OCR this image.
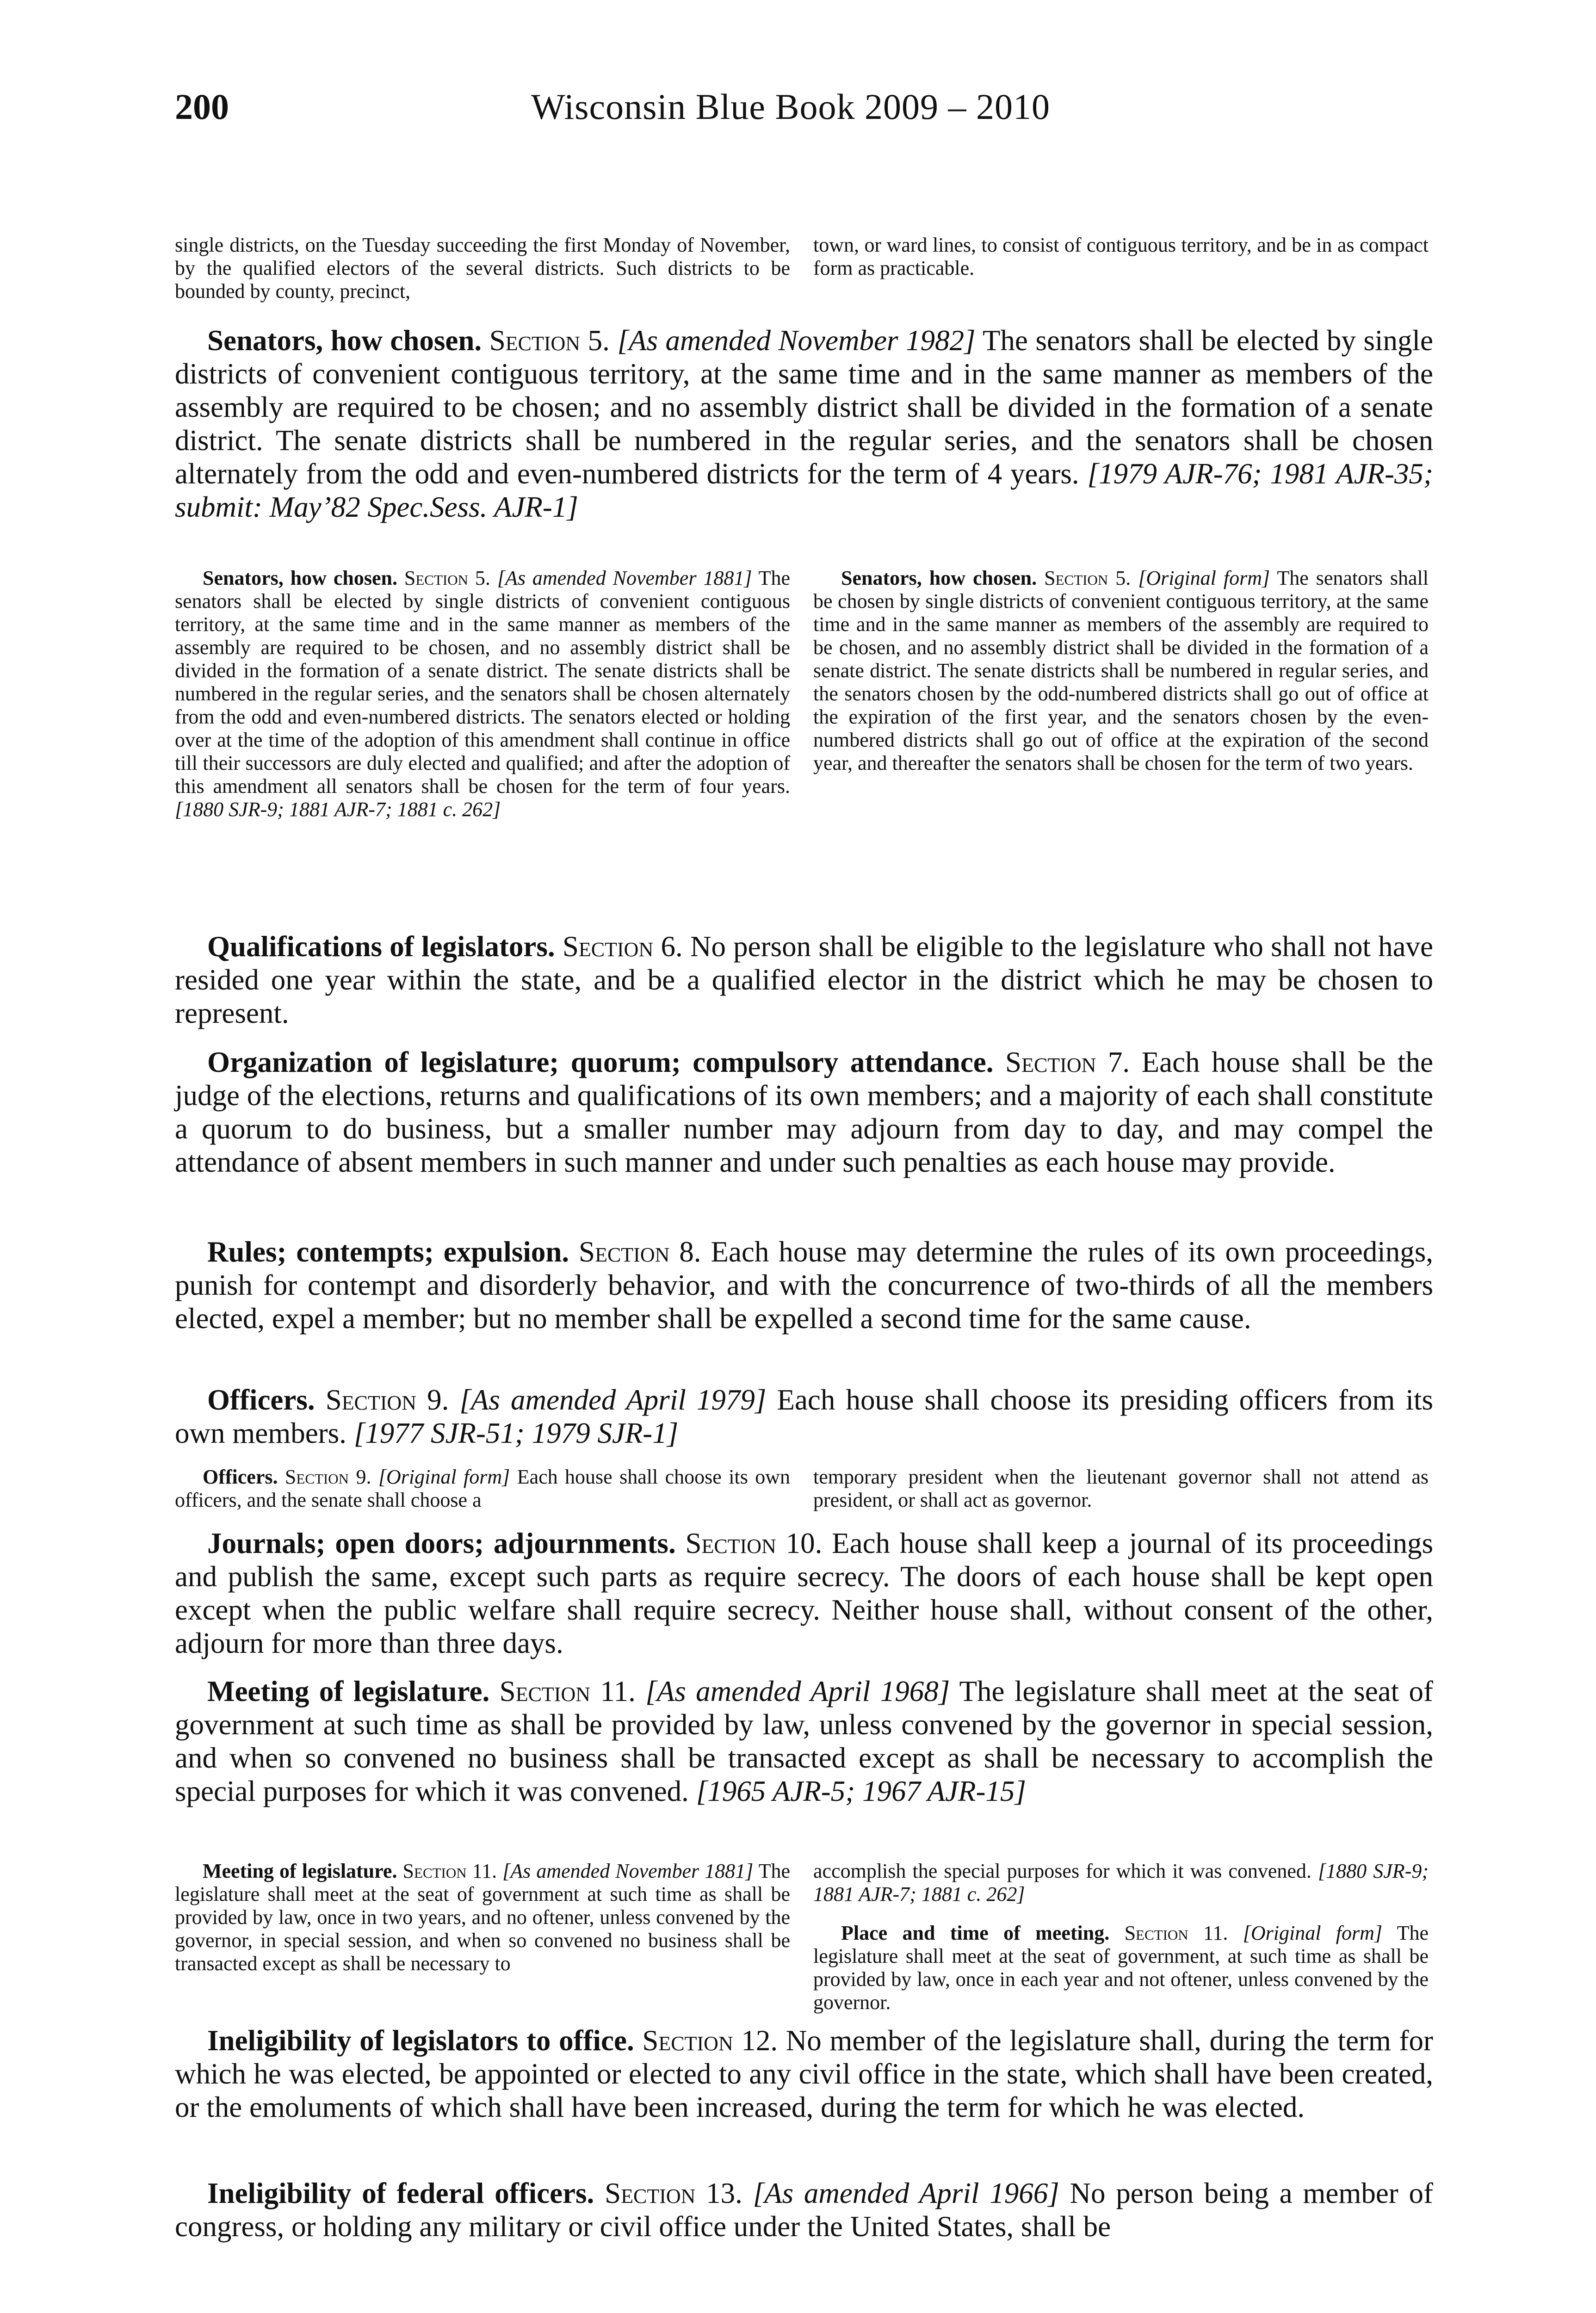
200	Wisconsin Blue Book 2009 – 2010

single districts, on the Tuesday succeeding the first Monday of November, by the qualified electors of the several districts. Such districts to be bounded by county, precinct,

town, or ward lines, to consist of contiguous territory, and be in as compact form as practicable.

Senators, how chosen. Section 5. [As amended November 1982] The senators shall be elected by single districts of convenient contiguous territory, at the same time and in the same manner as members of the assembly are required to be chosen; and no assembly district shall be divided in the formation of a senate district. The senate districts shall be numbered in the regular series, and the senators shall be chosen alternately from the odd and even-numbered districts for the term of 4 years. [1979 AJR-76; 1981 AJR-35; submit: May’82 Spec.Sess. AJR-1]

Senators, how chosen. Section 5. [As amended November 1881] The senators shall be elected by single districts of convenient contiguous territory, at the same time and in the same manner as members of the assembly are required to be chosen, and no assembly district shall be divided in the formation of a senate district. The senate districts shall be numbered in the regular series, and the senators shall be chosen alternately from the odd and even-numbered districts. The senators elected or holding over at the time of the adoption of this amendment shall continue in office till their successors are duly elected and qualified; and after the adoption of this amendment all senators shall be chosen for the term of four years. [1880 SJR-9; 1881 AJR-7; 1881 c. 262]

Senators, how chosen. Section 5. [Original form] The senators shall be chosen by single districts of convenient contiguous territory, at the same time and in the same manner as members of the assembly are required to be chosen, and no assembly district shall be divided in the formation of a senate district. The senate districts shall be numbered in regular series, and the senators chosen by the odd-numbered districts shall go out of office at the expiration of the first year, and the senators chosen by the even-numbered districts shall go out of office at the expiration of the second year, and thereafter the senators shall be chosen for the term of two years.

Qualifications of legislators. Section 6. No person shall be eligible to the legislature who shall not have resided one year within the state, and be a qualified elector in the district which he may be chosen to represent.

Organization of legislature; quorum; compulsory attendance. Section 7. Each house shall be the judge of the elections, returns and qualifications of its own members; and a majority of each shall constitute a quorum to do business, but a smaller number may adjourn from day to day, and may compel the attendance of absent members in such manner and under such penalties as each house may provide.

Rules; contempts; expulsion. Section 8. Each house may determine the rules of its own proceedings, punish for contempt and disorderly behavior, and with the concurrence of two-thirds of all the members elected, expel a member; but no member shall be expelled a second time for the same cause.

Officers. Section 9. [As amended April 1979] Each house shall choose its presiding officers from its own members. [1977 SJR-51; 1979 SJR-1]

Officers. Section 9. [Original form] Each house shall choose its own officers, and the senate shall choose a

temporary president when the lieutenant governor shall not attend as president, or shall act as governor.

Journals; open doors; adjournments. Section 10. Each house shall keep a journal of its proceedings and publish the same, except such parts as require secrecy. The doors of each house shall be kept open except when the public welfare shall require secrecy. Neither house shall, without consent of the other, adjourn for more than three days.

Meeting of legislature. Section 11. [As amended April 1968] The legislature shall meet at the seat of government at such time as shall be provided by law, unless convened by the governor in special session, and when so convened no business shall be transacted except as shall be necessary to accomplish the special purposes for which it was convened. [1965 AJR-5; 1967 AJR-15]

Meeting of legislature. Section 11. [As amended November 1881] The legislature shall meet at the seat of government at such time as shall be provided by law, once in two years, and no oftener, unless convened by the governor, in special session, and when so convened no business shall be transacted except as shall be necessary to

accomplish the special purposes for which it was convened. [1880 SJR-9; 1881 AJR-7; 1881 c. 262]

Place and time of meeting. Section 11. [Original form] The legislature shall meet at the seat of government, at such time as shall be provided by law, once in each year and not oftener, unless convened by the governor.

Ineligibility of legislators to office. Section 12. No member of the legislature shall, during the term for which he was elected, be appointed or elected to any civil office in the state, which shall have been created, or the emoluments of which shall have been increased, during the term for which he was elected.

Ineligibility of federal officers. Section 13. [As amended April 1966] No person being a member of congress, or holding any military or civil office under the United States, shall be
